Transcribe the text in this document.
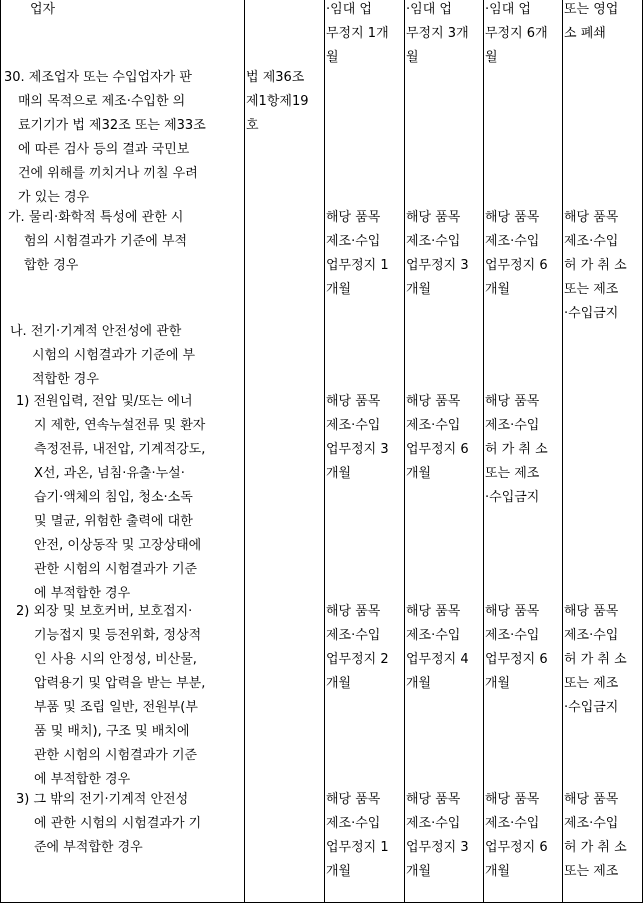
업자	·임대 업
무정지 1개
월
·임대 업
무정지 3개
월
·임대 업
무정지 6개
월
또는 영업
소 폐쇄
30. 제조업자 또는 수입업자가 판
매의 목적으로 제조·수입한 의
료기기가 법 제32조 또는 제33조
에 따른 검사 등의 결과 국민보
건에 위해를 끼치거나 끼칠 우려
가 있는 경우
법 제36조
제1항제19
호
가. 물리·화학적 특성에 관한 시
험의 시험결과가 기준에 부적
합한 경우
해당 품목
제조·수입
업무정지 1
개월
해당 품목
제조·수입
업무정지 3
개월
해당 품목
제조·수입
업무정지 6
개월
해당 품목
제조·수입
허 가 취 소
또는 제조
·수입금지
나. 전기·기계적 안전성에 관한
시험의 시험결과가 기준에 부
적합한 경우
1) 전원입력, 전압 및/또는 에너
지 제한, 연속누설전류 및 환자
측정전류, 내전압, 기계적강도,
X선, 과온, 넘침·유출·누설·
습기·액체의 침입, 청소·소독
및 멸균, 위험한 출력에 대한
안전, 이상동작 및 고장상태에
관한 시험의 시험결과가 기준
에 부적합한 경우
해당 품목
제조·수입
업무정지 3
개월
해당 품목
제조·수입
업무정지 6
개월
해당 품목
제조·수입
허 가 취 소
또는 제조
·수입금지
2) 외장 및 보호커버, 보호접지·
기능접지 및 등전위화, 정상적
인 사용 시의 안정성, 비산물,
압력용기 및 압력을 받는 부분,
부품 및 조립 일반, 전원부(부
품 및 배치), 구조 및 배치에
관한 시험의 시험결과가 기준
에 부적합한 경우
해당 품목
제조·수입
업무정지 2
개월
해당 품목
제조·수입
업무정지 4
개월
해당 품목
제조·수입
업무정지 6
개월
해당 품목
제조·수입
허 가 취 소
또는 제조
·수입금지
3) 그 밖의 전기·기계적 안전성
에 관한 시험의 시험결과가 기
준에 부적합한 경우
해당 품목
제조·수입
업무정지 1
개월
해당 품목
제조·수입
업무정지 3
개월
해당 품목
제조·수입
업무정지 6
개월
해당 품목
제조·수입
허 가 취 소
또는 제조
